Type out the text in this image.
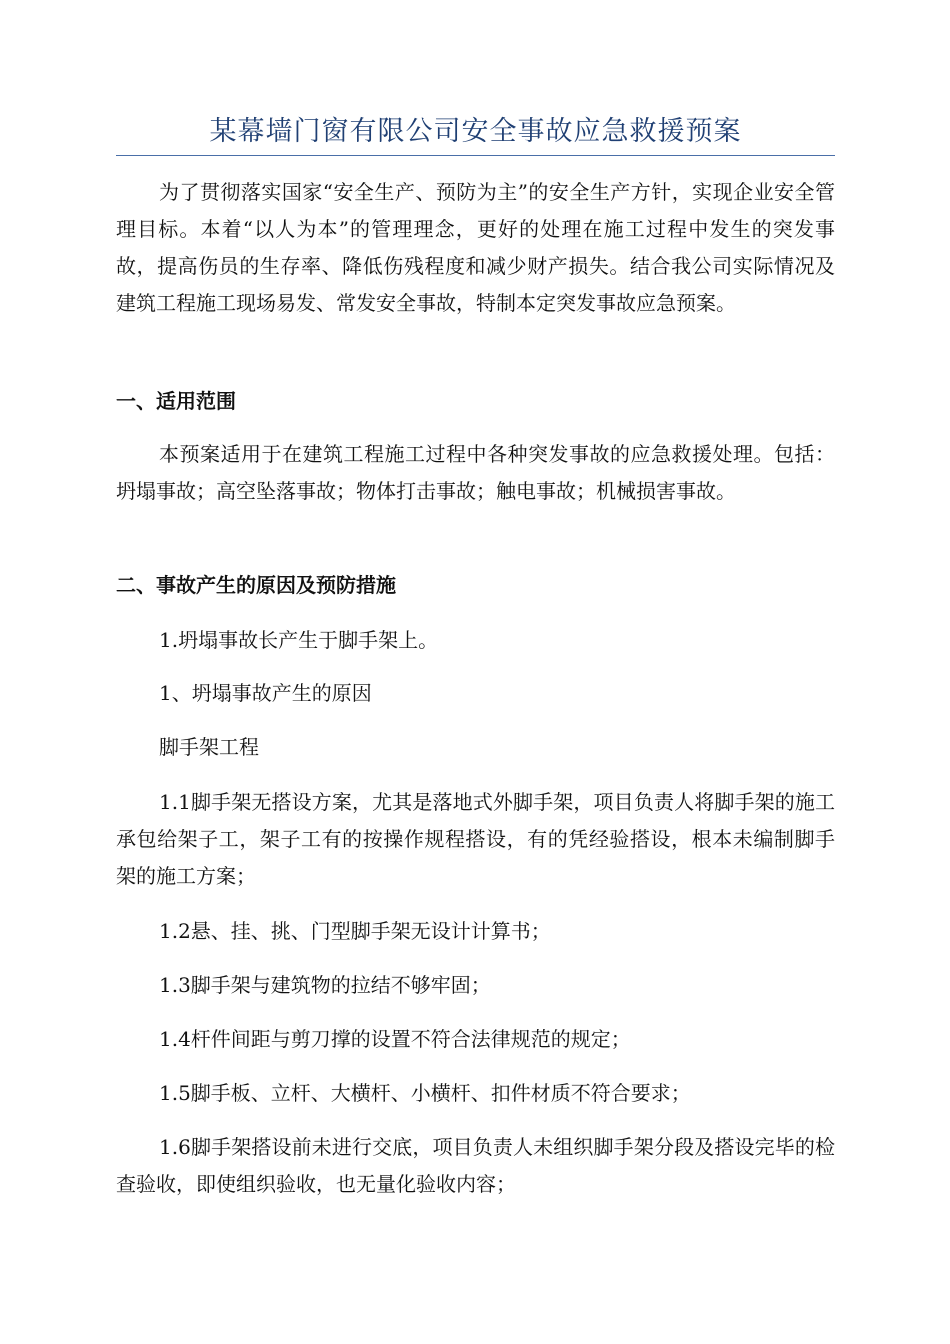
某幕墙门窗有限公司安全事故应急救援预案

为了贯彻落实国家“安全生产、预防为主”的安全生产方针，实现企业安全管理目标。本着“以人为本”的管理理念，更好的处理在施工过程中发生的突发事故，提高伤员的生存率、降低伤残程度和减少财产损失。结合我公司实际情况及建筑工程施工现场易发、常发安全事故，特制本定突发事故应急预案。

一、适用范围

本预案适用于在建筑工程施工过程中各种突发事故的应急救援处理。包括：坍塌事故；高空坠落事故；物体打击事故；触电事故；机械损害事故。

二、事故产生的原因及预防措施

1.坍塌事故长产生于脚手架上。

1、坍塌事故产生的原因

脚手架工程

1.1脚手架无搭设方案，尤其是落地式外脚手架，项目负责人将脚手架的施工承包给架子工，架子工有的按操作规程搭设，有的凭经验搭设，根本未编制脚手架的施工方案；

1.2悬、挂、挑、门型脚手架无设计计算书；

1.3脚手架与建筑物的拉结不够牢固；

1.4杆件间距与剪刀撑的设置不符合法律规范的规定；

1.5脚手板、立杆、大横杆、小横杆、扣件材质不符合要求；

1.6脚手架搭设前未进行交底，项目负责人未组织脚手架分段及搭设完毕的检查验收，即使组织验收，也无量化验收内容；
